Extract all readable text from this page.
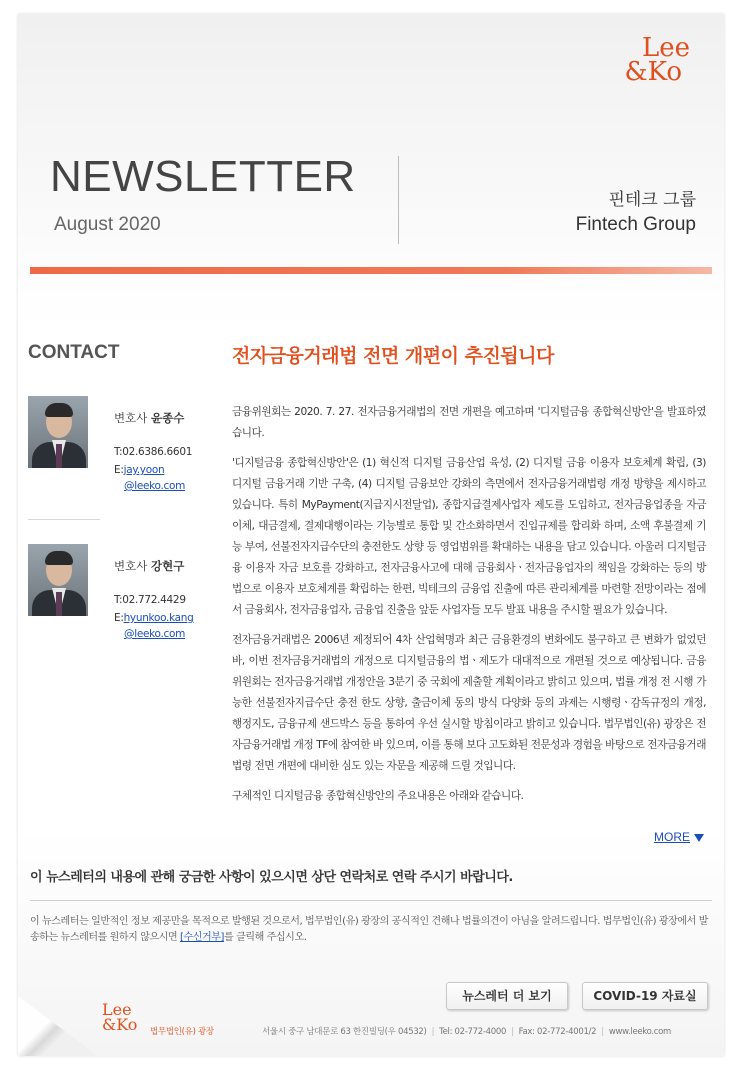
Lee
&Ko
NEWSLETTER
August 2020
핀테크 그룹
Fintech Group
CONTACT
변호사 윤종수
T:02.6386.6601
E:jay.yoon
@leeko.com
변호사 강현구
T:02.772.4429
E:hyunkoo.kang
@leeko.com
전자금융거래법 전면 개편이 추진됩니다

금융위원회는 2020. 7. 27. 전자금융거래법의 전면 개편을 예고하며 '디지털금융 종합혁신방안'을 발표하였습니다.

'디지털금융 종합혁신방안'은 (1) 혁신적 디지털 금융산업 육성, (2) 디지털 금융 이용자 보호체계 확립, (3) 디지털 금융거래 기반 구축, (4) 디지털 금융보안 강화의 측면에서 전자금융거래법령 개정 방향을 제시하고 있습니다. 특히 MyPayment(지급지시전달업), 종합지급결제사업자 제도를 도입하고, 전자금융업종을 자금이체, 대금결제, 결제대행이라는 기능별로 통합 및 간소화하면서 진입규제를 합리화 하며, 소액 후불결제 기능 부여, 선불전자지급수단의 충전한도 상향 등 영업범위를 확대하는 내용을 담고 있습니다. 아울러 디지털금융 이용자 자금 보호를 강화하고, 전자금융사고에 대해 금융회사ㆍ전자금융업자의 책임을 강화하는 등의 방법으로 이용자 보호체계를 확립하는 한편, 빅테크의 금융업 진출에 따른 관리체계를 마련할 전망이라는 점에서 금융회사, 전자금융업자, 금융업 진출을 앞둔 사업자들 모두 발표 내용을 주시할 필요가 있습니다.

전자금융거래법은 2006년 제정되어 4차 산업혁명과 최근 금융환경의 변화에도 불구하고 큰 변화가 없었던 바, 이번 전자금융거래법의 개정으로 디지털금융의 법ㆍ제도가 대대적으로 개편될 것으로 예상됩니다. 금융위원회는 전자금융거래법 개정안을 3분기 중 국회에 제출할 계획이라고 밝히고 있으며, 법률 개정 전 시행 가능한 선불전자지급수단 충전 한도 상향, 출금이체 동의 방식 다양화 등의 과제는 시행령ㆍ감독규정의 개정, 행정지도, 금융규제 샌드박스 등을 통하여 우선 실시할 방침이라고 밝히고 있습니다. 법무법인(유) 광장은 전자금융거래법 개정 TF에 참여한 바 있으며, 이를 통해 보다 고도화된 전문성과 경험을 바탕으로 전자금융거래법령 전면 개편에 대비한 심도 있는 자문을 제공해 드릴 것입니다.

구체적인 디지털금융 종합혁신방안의 주요내용은 아래와 같습니다.

MORE
이 뉴스레터의 내용에 관해 궁금한 사항이 있으시면 상단 연락처로 연락 주시기 바랍니다.
이 뉴스레터는 일반적인 정보 제공만을 목적으로 발행된 것으로서, 법무법인(유) 광장의 공식적인 견해나 법률의견이 아님을 알려드립니다. 법무법인(유) 광장에서 발송하는 뉴스레터를 원하지 않으시면 [수신거부]를 클릭해 주십시오.
뉴스레터 더 보기	COVID-19 자료실
Lee
&Ko 법무법인(유) 광장	서울시 중구 남대문로 63 한진빌딩(우 04532) | Tel: 02-772-4000 | Fax: 02-772-4001/2 | www.leeko.com
